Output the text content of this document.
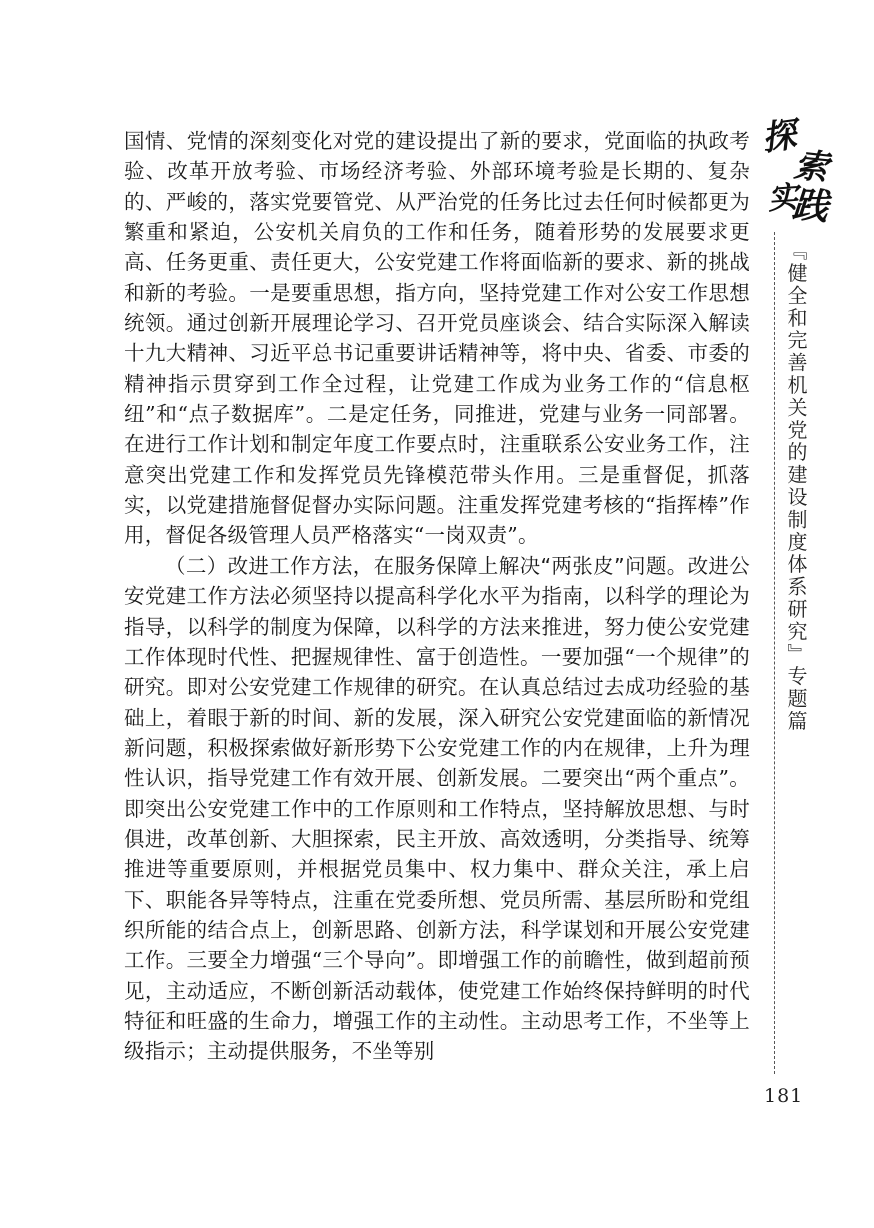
探
索
实
践
『健全和完善机关党的建设制度体系研究』专题篇

国情、党情的深刻变化对党的建设提出了新的要求，党面临的执政考验、改革开放考验、市场经济考验、外部环境考验是长期的、复杂的、严峻的，落实党要管党、从严治党的任务比过去任何时候都更为繁重和紧迫，公安机关肩负的工作和任务，随着形势的发展要求更高、任务更重、责任更大，公安党建工作将面临新的要求、新的挑战和新的考验。一是要重思想，指方向，坚持党建工作对公安工作思想统领。通过创新开展理论学习、召开党员座谈会、结合实际深入解读十九大精神、习近平总书记重要讲话精神等，将中央、省委、市委的精神指示贯穿到工作全过程，让党建工作成为业务工作的“信息枢纽”和“点子数据库”。二是定任务，同推进，党建与业务一同部署。在进行工作计划和制定年度工作要点时，注重联系公安业务工作，注意突出党建工作和发挥党员先锋模范带头作用。三是重督促，抓落实，以党建措施督促督办实际问题。注重发挥党建考核的“指挥棒”作用，督促各级管理人员严格落实“一岗双责”。

（二）改进工作方法，在服务保障上解决“两张皮”问题。改进公安党建工作方法必须坚持以提高科学化水平为指南，以科学的理论为指导，以科学的制度为保障，以科学的方法来推进，努力使公安党建工作体现时代性、把握规律性、富于创造性。一要加强“一个规律”的研究。即对公安党建工作规律的研究。在认真总结过去成功经验的基础上，着眼于新的时间、新的发展，深入研究公安党建面临的新情况新问题，积极探索做好新形势下公安党建工作的内在规律，上升为理性认识，指导党建工作有效开展、创新发展。二要突出“两个重点”。即突出公安党建工作中的工作原则和工作特点，坚持解放思想、与时俱进，改革创新、大胆探索，民主开放、高效透明，分类指导、统筹推进等重要原则，并根据党员集中、权力集中、群众关注，承上启下、职能各异等特点，注重在党委所想、党员所需、基层所盼和党组织所能的结合点上，创新思路、创新方法，科学谋划和开展公安党建工作。三要全力增强“三个导向”。即增强工作的前瞻性，做到超前预见，主动适应，不断创新活动载体，使党建工作始终保持鲜明的时代特征和旺盛的生命力，增强工作的主动性。主动思考工作，不坐等上级指示；主动提供服务，不坐等别

181
